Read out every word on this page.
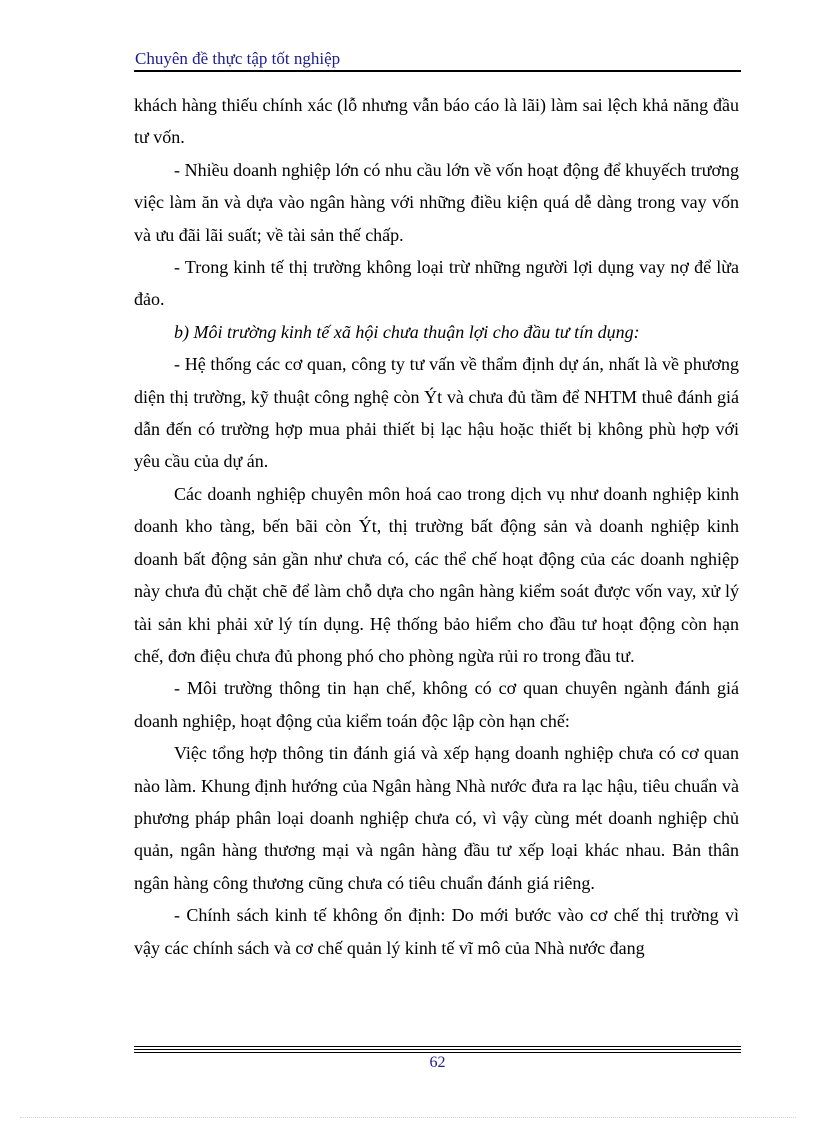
Chuyên đề thực tập tốt nghiệp

khách hàng thiếu chính xác (lỗ nhưng vẫn báo cáo là lãi) làm sai lệch khả năng đầu tư vốn.

- Nhiều doanh nghiệp lớn có nhu cầu lớn về vốn hoạt động để khuyếch trương việc làm ăn và dựa vào ngân hàng với những điều kiện quá dễ dàng trong vay vốn và ưu đãi lãi suất; về tài sản thế chấp.

- Trong kinh tế thị trường không loại trừ những người lợi dụng vay nợ để lừa đảo.

b) Môi trường kinh tế xã hội chưa thuận lợi cho đầu tư tín dụng:

- Hệ thống các cơ quan, công ty tư vấn về thẩm định dự án, nhất là về phương diện thị trường, kỹ thuật công nghệ còn Ýt và chưa đủ tầm để NHTM thuê đánh giá dẫn đến có trường hợp mua phải thiết bị lạc hậu hoặc thiết bị không phù hợp với yêu cầu của dự án.

Các doanh nghiệp chuyên môn hoá cao trong dịch vụ như doanh nghiệp kinh doanh kho tàng, bến bãi còn Ýt, thị trường bất động sản và doanh nghiệp kinh doanh bất động sản gần như chưa có, các thể chế hoạt động của các doanh nghiệp này chưa đủ chặt chẽ để làm chỗ dựa cho ngân hàng kiểm soát được vốn vay, xử lý tài sản khi phải xử lý tín dụng. Hệ thống bảo hiểm cho đầu tư hoạt động còn hạn chế, đơn điệu chưa đủ phong phó cho phòng ngừa rủi ro trong đầu tư.

- Môi trường thông tin hạn chế, không có cơ quan chuyên ngành đánh giá doanh nghiệp, hoạt động của kiểm toán độc lập còn hạn chế:

Việc tổng hợp thông tin đánh giá và xếp hạng doanh nghiệp chưa có cơ quan nào làm. Khung định hướng của Ngân hàng Nhà nước đưa ra lạc hậu, tiêu chuẩn và phương pháp phân loại doanh nghiệp chưa có, vì vậy cùng mét doanh nghiệp chủ quản, ngân hàng thương mại và ngân hàng đầu tư xếp loại khác nhau. Bản thân ngân hàng công thương cũng chưa có tiêu chuẩn đánh giá riêng.

- Chính sách kinh tế không ổn định: Do mới bước vào cơ chế thị trường vì vậy các chính sách và cơ chế quản lý kinh tế vĩ mô của Nhà nước đang

62
